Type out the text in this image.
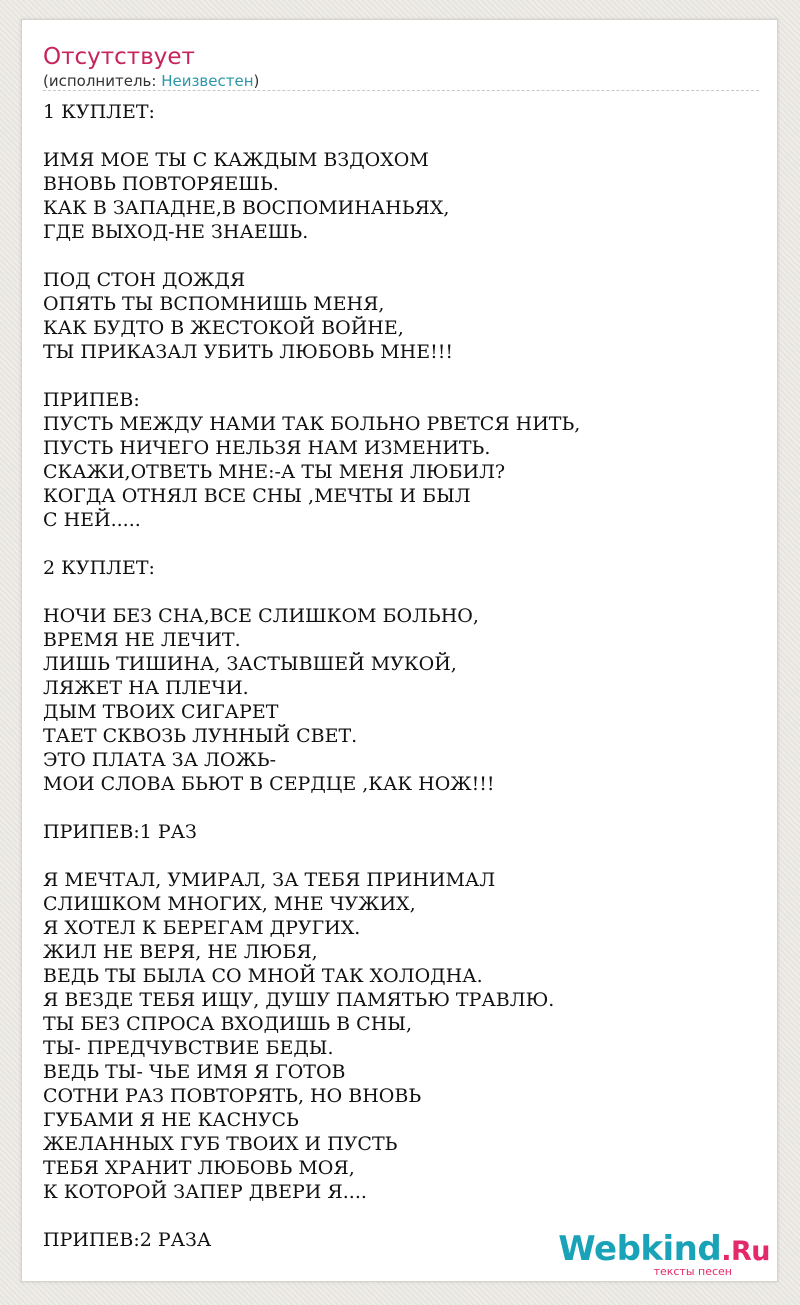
Отсутствует
(исполнитель: Неизвестен)
1 КУПЛЕТ:
ИМЯ МОЕ ТЫ С КАЖДЫМ ВЗДОХОМ
ВНОВЬ ПОВТОРЯЕШЬ.
КАК В ЗАПАДНЕ,В ВОСПОМИНАНЬЯХ,
ГДЕ ВЫХОД-НЕ ЗНАЕШЬ.
ПОД СТОН ДОЖДЯ
ОПЯТЬ ТЫ ВСПОМНИШЬ МЕНЯ,
КАК БУДТО В ЖЕСТОКОЙ ВОЙНЕ,
ТЫ ПРИКАЗАЛ УБИТЬ ЛЮБОВЬ МНЕ!!!
ПРИПЕВ:
ПУСТЬ МЕЖДУ НАМИ ТАК БОЛЬНО РВЕТСЯ НИТЬ,
ПУСТЬ НИЧЕГО НЕЛЬЗЯ НАМ ИЗМЕНИТЬ.
СКАЖИ,ОТВЕТЬ МНЕ:-А ТЫ МЕНЯ ЛЮБИЛ?
КОГДА ОТНЯЛ ВСЕ СНЫ ,МЕЧТЫ И БЫЛ
С НЕЙ.....
2 КУПЛЕТ:
НОЧИ БЕЗ СНА,ВСЕ СЛИШКОМ БОЛЬНО,
ВРЕМЯ НЕ ЛЕЧИТ.
ЛИШЬ ТИШИНА, ЗАСТЫВШЕЙ МУКОЙ,
ЛЯЖЕТ НА ПЛЕЧИ.
ДЫМ ТВОИХ СИГАРЕТ
ТАЕТ СКВОЗЬ ЛУННЫЙ СВЕТ.
ЭТО ПЛАТА ЗА ЛОЖЬ-
МОИ СЛОВА БЬЮТ В СЕРДЦЕ ,КАК НОЖ!!!
ПРИПЕВ:1 РАЗ
Я МЕЧТАЛ, УМИРАЛ, ЗА ТЕБЯ ПРИНИМАЛ
СЛИШКОМ МНОГИХ, МНЕ ЧУЖИХ,
Я ХОТЕЛ К БЕРЕГАМ ДРУГИХ.
ЖИЛ НЕ ВЕРЯ, НЕ ЛЮБЯ,
ВЕДЬ ТЫ БЫЛА СО МНОЙ ТАК ХОЛОДНА.
Я ВЕЗДЕ ТЕБЯ ИЩУ, ДУШУ ПАМЯТЬЮ ТРАВЛЮ.
ТЫ БЕЗ СПРОСА ВХОДИШЬ В СНЫ,
ТЫ- ПРЕДЧУВСТВИЕ БЕДЫ.
ВЕДЬ ТЫ- ЧЬЕ ИМЯ Я ГОТОВ
СОТНИ РАЗ ПОВТОРЯТЬ, НО ВНОВЬ
ГУБАМИ Я НЕ КАСНУСЬ
ЖЕЛАННЫХ ГУБ ТВОИХ И ПУСТЬ
ТЕБЯ ХРАНИТ ЛЮБОВЬ МОЯ,
К КОТОРОЙ ЗАПЕР ДВЕРИ Я....
ПРИПЕВ:2 РАЗА	Webkind.Ru
тексты песен
